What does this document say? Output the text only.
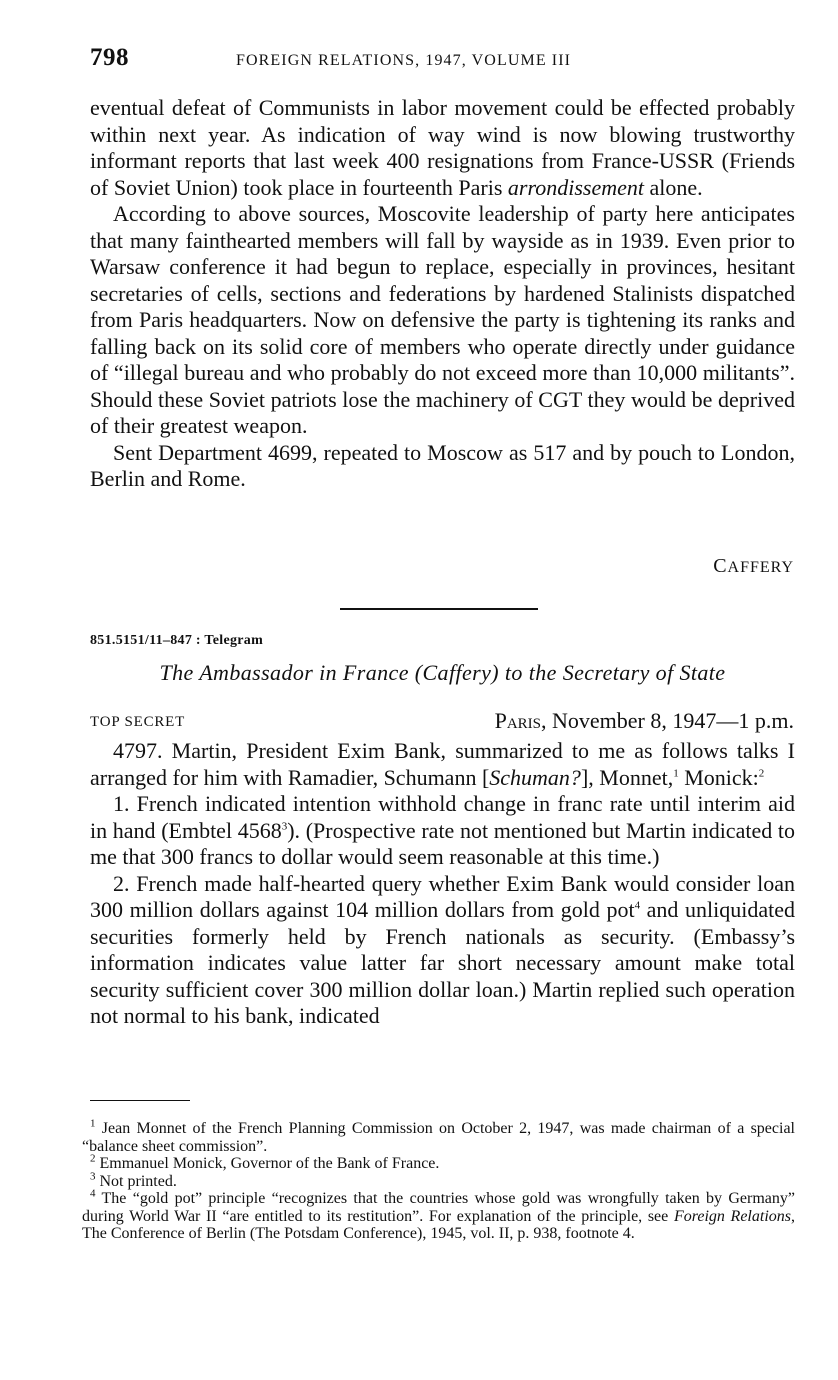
798	FOREIGN RELATIONS, 1947, VOLUME III

eventual defeat of Communists in labor movement could be effected probably within next year. As indication of way wind is now blowing trustworthy informant reports that last week 400 resignations from France-USSR (Friends of Soviet Union) took place in fourteenth Paris arrondissement alone.

According to above sources, Moscovite leadership of party here anticipates that many fainthearted members will fall by wayside as in 1939. Even prior to Warsaw conference it had begun to replace, especially in provinces, hesitant secretaries of cells, sections and federations by hardened Stalinists dispatched from Paris headquarters. Now on defensive the party is tightening its ranks and falling back on its solid core of members who operate directly under guidance of “illegal bureau and who probably do not exceed more than 10,000 militants”. Should these Soviet patriots lose the machinery of CGT they would be deprived of their greatest weapon.

Sent Department 4699, repeated to Moscow as 517 and by pouch to London, Berlin and Rome.

CAFFERY
851.5151/11–847 : Telegram
The Ambassador in France (Caffery) to the Secretary of State
TOP SECRET	Paris, November 8, 1947—1 p.m.

4797. Martin, President Exim Bank, summarized to me as follows talks I arranged for him with Ramadier, Schumann [Schuman?], Monnet,$^1$ Monick:$^2$

1. French indicated intention withhold change in franc rate until interim aid in hand (Embtel 4568$^3$). (Prospective rate not mentioned but Martin indicated to me that 300 francs to dollar would seem reasonable at this time.)

2. French made half-hearted query whether Exim Bank would consider loan 300 million dollars against 104 million dollars from gold pot$^4$ and unliquidated securities formerly held by French nationals as security. (Embassy’s information indicates value latter far short necessary amount make total security sufficient cover 300 million dollar loan.) Martin replied such operation not normal to his bank, indicated

$^1$ Jean Monnet of the French Planning Commission on October 2, 1947, was made chairman of a special “balance sheet commission”.

$^2$ Emmanuel Monick, Governor of the Bank of France.

$^3$ Not printed.

$^4$ The “gold pot” principle “recognizes that the countries whose gold was wrongfully taken by Germany” during World War II “are entitled to its restitution”. For explanation of the principle, see Foreign Relations, The Conference of Berlin (The Potsdam Conference), 1945, vol. II, p. 938, footnote 4.
